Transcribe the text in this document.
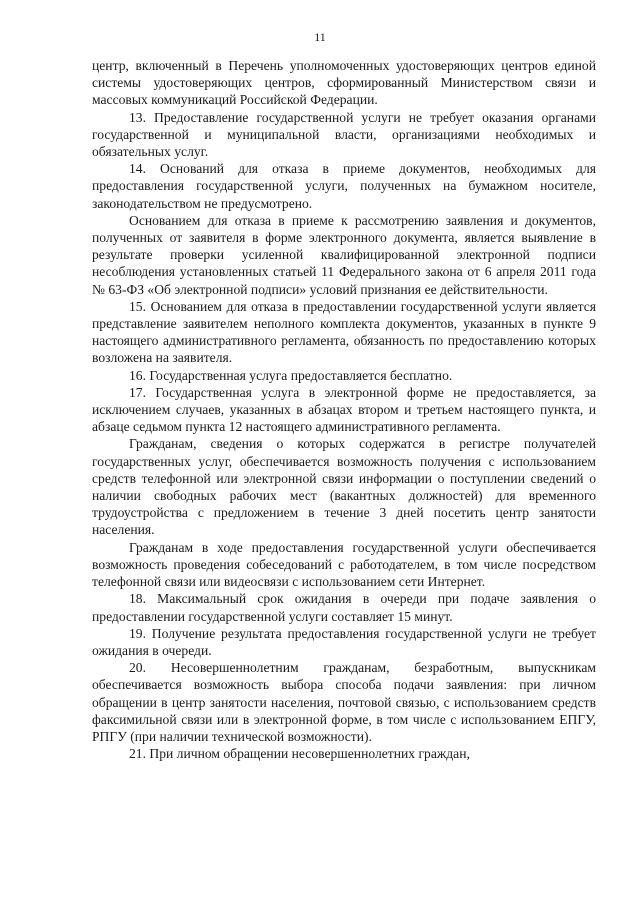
11

центр, включенный в Перечень уполномоченных удостоверяющих центров единой системы удостоверяющих центров, сформированный Министерством связи и массовых коммуникаций Российской Федерации.

13. Предоставление государственной услуги не требует оказания органами государственной и муниципальной власти, организациями необходимых и обязательных услуг.

14. Оснований для отказа в приеме документов, необходимых для предоставления государственной услуги, полученных на бумажном носителе, законодательством не предусмотрено.

Основанием для отказа в приеме к рассмотрению заявления и документов, полученных от заявителя в форме электронного документа, является выявление в результате проверки усиленной квалифицированной электронной подписи несоблюдения установленных статьей 11 Федерального закона от 6 апреля 2011 года № 63-ФЗ «Об электронной подписи» условий признания ее действительности.

15. Основанием для отказа в предоставлении государственной услуги является представление заявителем неполного комплекта документов, указанных в пункте 9 настоящего административного регламента, обязанность по предоставлению которых возложена на заявителя.

16. Государственная услуга предоставляется бесплатно.

17. Государственная услуга в электронной форме не предоставляется, за исключением случаев, указанных в абзацах втором и третьем настоящего пункта, и абзаце седьмом пункта 12 настоящего административного регламента.

Гражданам, сведения о которых содержатся в регистре получателей государственных услуг, обеспечивается возможность получения с использованием средств телефонной или электронной связи информации о поступлении сведений о наличии свободных рабочих мест (вакантных должностей) для временного трудоустройства с предложением в течение 3 дней посетить центр занятости населения.

Гражданам в ходе предоставления государственной услуги обеспечивается возможность проведения собеседований с работодателем, в том числе посредством телефонной связи или видеосвязи с использованием сети Интернет.

18. Максимальный срок ожидания в очереди при подаче заявления о предоставлении государственной услуги составляет 15 минут.

19. Получение результата предоставления государственной услуги не требует ожидания в очереди.

20. Несовершеннолетним гражданам, безработным, выпускникам обеспечивается возможность выбора способа подачи заявления: при личном обращении в центр занятости населения, почтовой связью, с использованием средств факсимильной связи или в электронной форме, в том числе с использованием ЕПГУ, РПГУ (при наличии технической возможности).

21. При личном обращении несовершеннолетних граждан,
